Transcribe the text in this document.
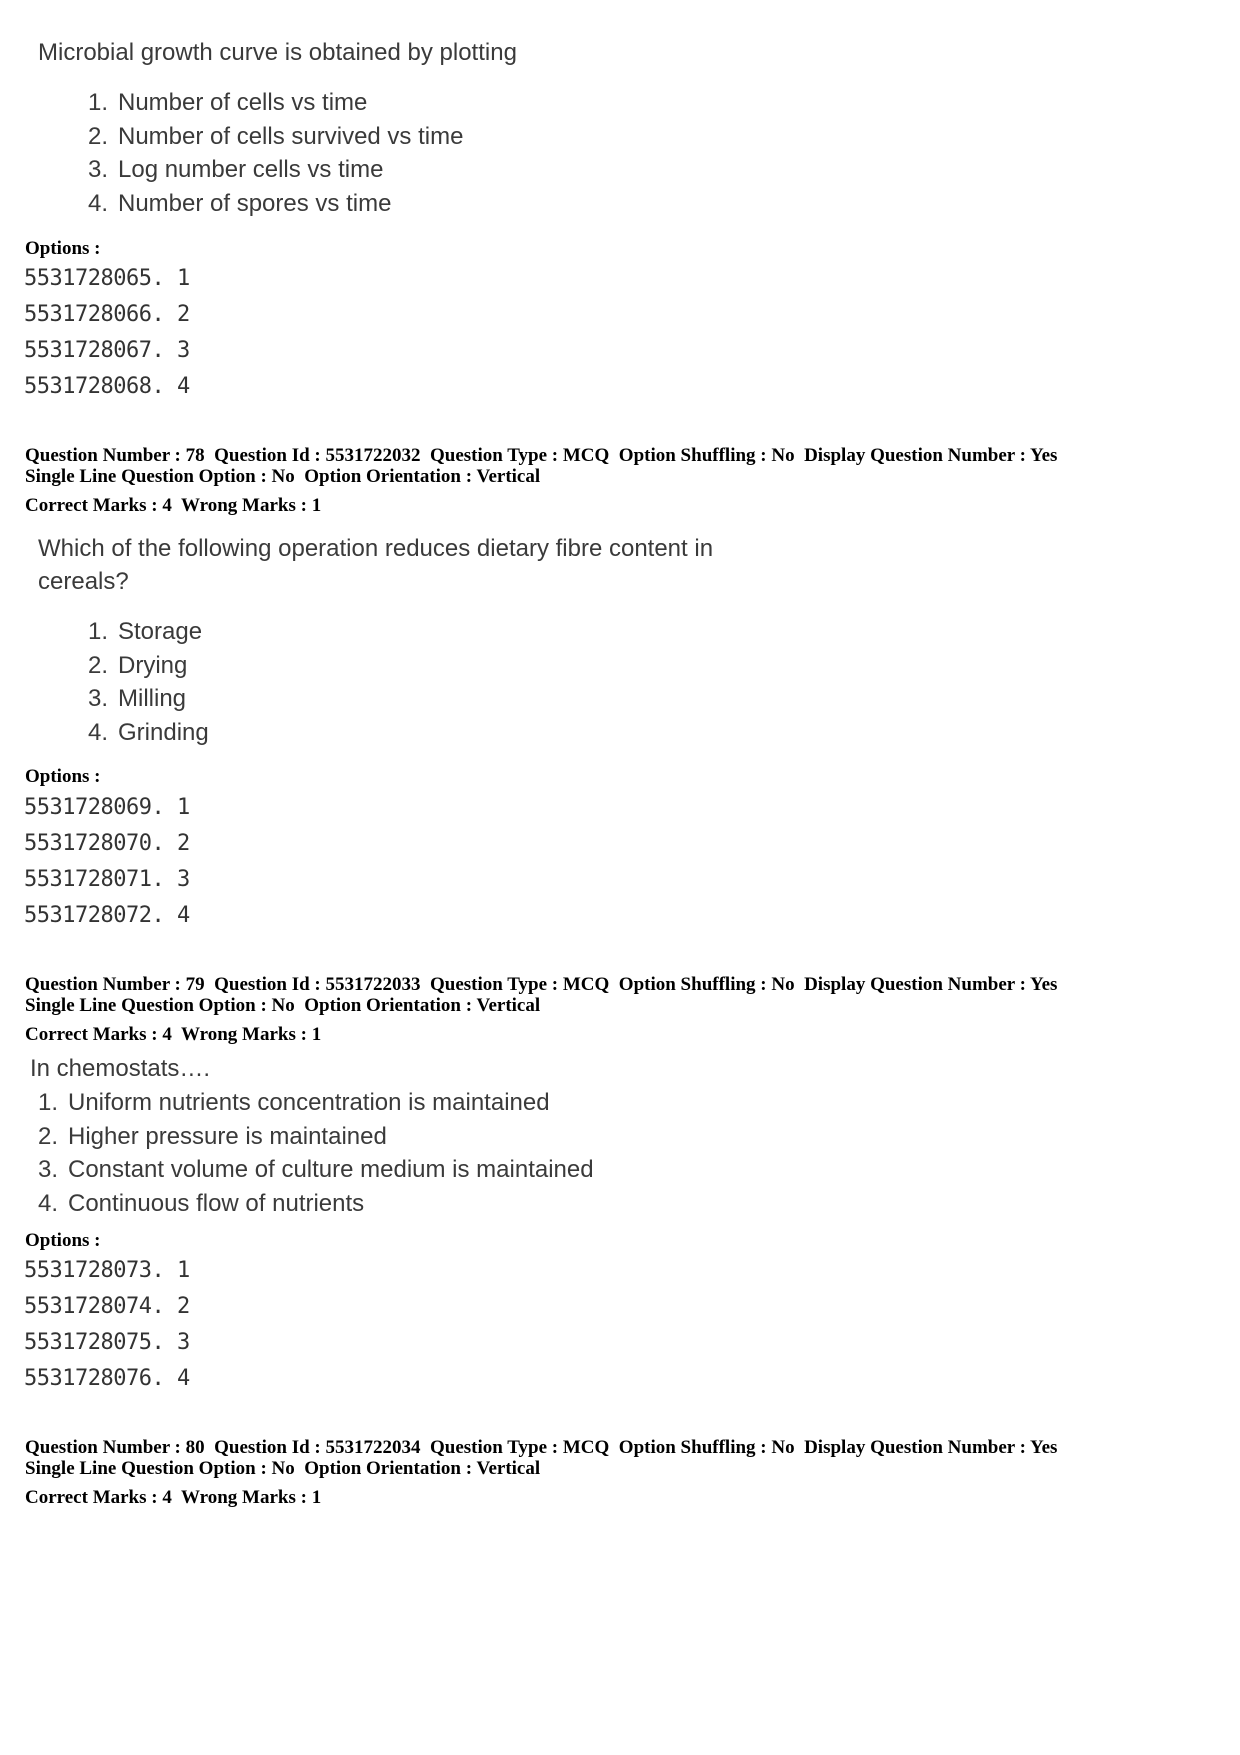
Microbial growth curve is obtained by plotting

1. Number of cells vs time
2. Number of cells survived vs time
3. Log number cells vs time
4. Number of spores vs time
Options :
5531728065. 1
5531728066. 2
5531728067. 3
5531728068. 4
Question Number : 78  Question Id : 5531722032  Question Type : MCQ  Option Shuffling : No  Display Question Number : Yes
Single Line Question Option : No  Option Orientation : Vertical
Correct Marks : 4  Wrong Marks : 1

Which of the following operation reduces dietary fibre content in

cereals?

1. Storage
2. Drying
3. Milling
4. Grinding
Options :
5531728069. 1
5531728070. 2
5531728071. 3
5531728072. 4
Question Number : 79  Question Id : 5531722033  Question Type : MCQ  Option Shuffling : No  Display Question Number : Yes
Single Line Question Option : No  Option Orientation : Vertical
Correct Marks : 4  Wrong Marks : 1

In chemostats….

1. Uniform nutrients concentration is maintained
2. Higher pressure is maintained
3. Constant volume of culture medium is maintained
4. Continuous flow of nutrients
Options :
5531728073. 1
5531728074. 2
5531728075. 3
5531728076. 4
Question Number : 80  Question Id : 5531722034  Question Type : MCQ  Option Shuffling : No  Display Question Number : Yes
Single Line Question Option : No  Option Orientation : Vertical
Correct Marks : 4  Wrong Marks : 1
